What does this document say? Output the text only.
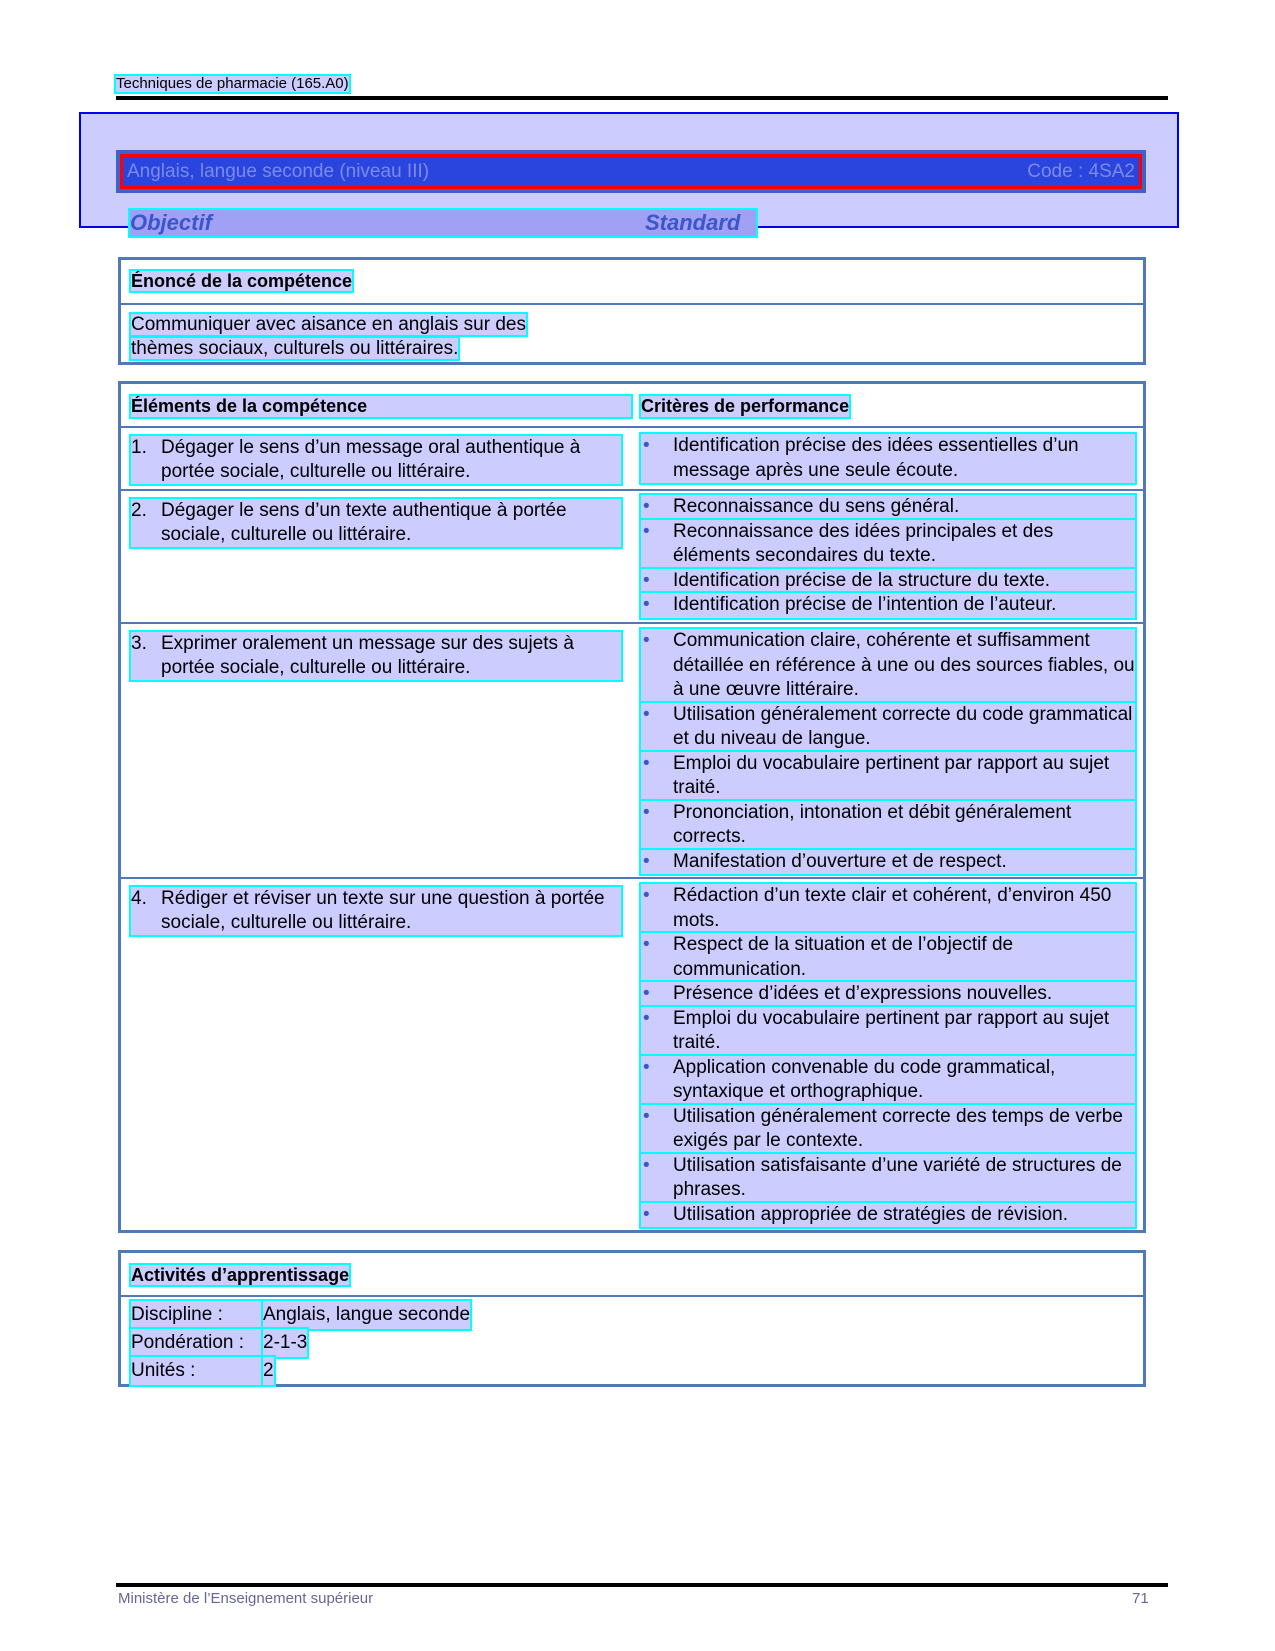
Techniques de pharmacie (165.A0)
Anglais, langue seconde (niveau III)	Code : 4SA2
Objectif	Standard
Énoncé de la compétence
Communiquer avec aisance en anglais sur des
thèmes sociaux, culturels ou littéraires.
Éléments de la compétence	Critères de performance
1. Dégager le sens d’un message oral authentique à portée sociale, culturelle ou littéraire.
• Identification précise des idées essentielles d’un message après une seule écoute.
2. Dégager le sens d’un texte authentique à portée sociale, culturelle ou littéraire.
• Reconnaissance du sens général.
• Reconnaissance des idées principales et des éléments secondaires du texte.
• Identification précise de la structure du texte.
• Identification précise de l’intention de l’auteur.
3. Exprimer oralement un message sur des sujets à portée sociale, culturelle ou littéraire.
• Communication claire, cohérente et suffisamment détaillée en référence à une ou des sources fiables, ou à une œuvre littéraire.
• Utilisation généralement correcte du code grammatical et du niveau de langue.
• Emploi du vocabulaire pertinent par rapport au sujet traité.
• Prononciation, intonation et débit généralement corrects.
• Manifestation d’ouverture et de respect.
4. Rédiger et réviser un texte sur une question à portée sociale, culturelle ou littéraire.
• Rédaction d’un texte clair et cohérent, d’environ 450 mots.
• Respect de la situation et de l’objectif de communication.
• Présence d’idées et d’expressions nouvelles.
• Emploi du vocabulaire pertinent par rapport au sujet traité.
• Application convenable du code grammatical, syntaxique et orthographique.
• Utilisation généralement correcte des temps de verbe exigés par le contexte.
• Utilisation satisfaisante d’une variété de structures de phrases.
• Utilisation appropriée de stratégies de révision.
Activités d’apprentissage
Discipline :	Anglais, langue seconde
Pondération : 2-1-3
Unités :	2
Ministère de l’Enseignement supérieur	71
